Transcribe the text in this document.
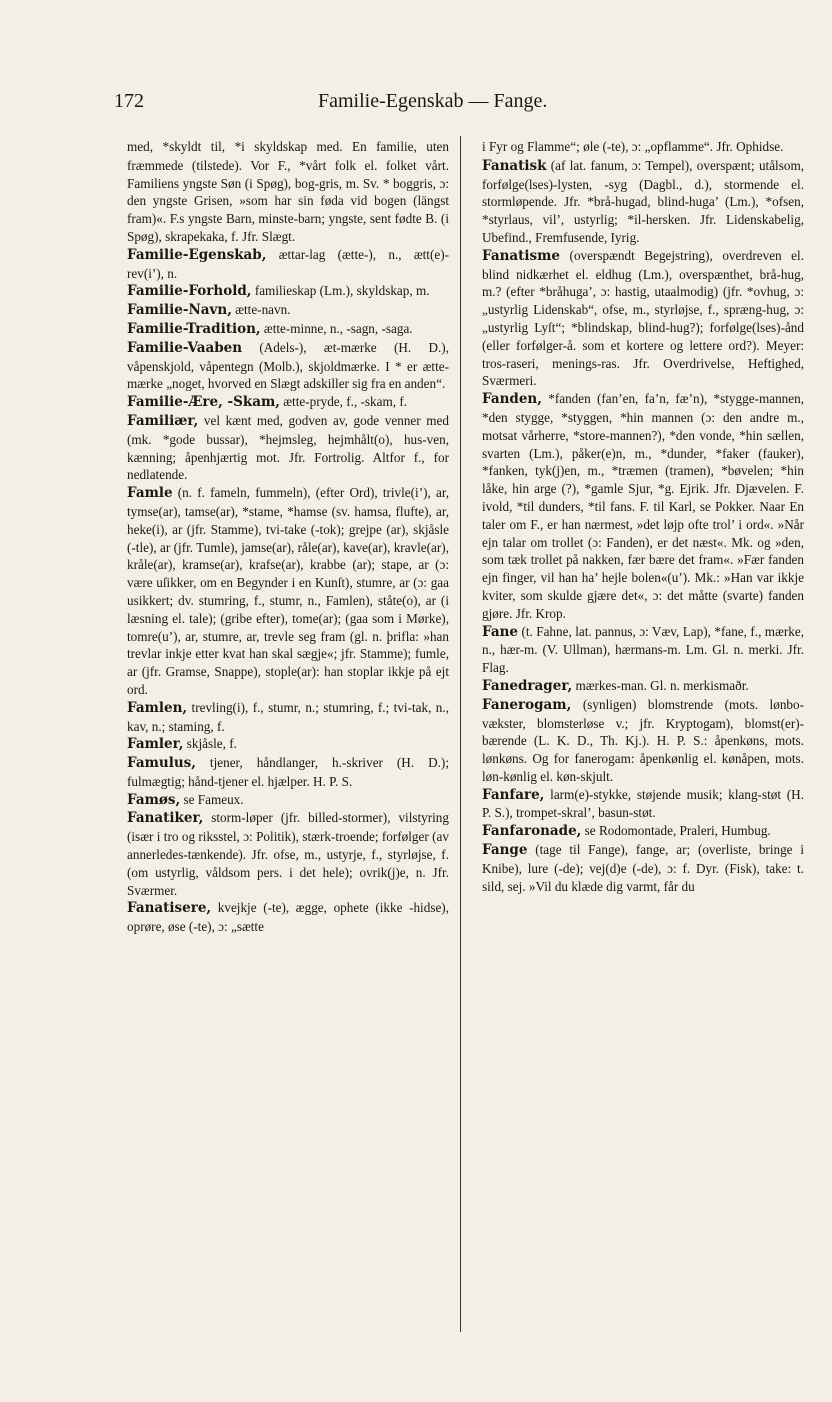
172	Familie-Egenskab — Fange.

med, *skyldt til, *i skyldskap med. En familie, uten fræmmede (tilstede). Vor F., *vårt folk el. folket vårt. Familiens yngste Søn (i Spøg), bog-gris, m. Sv. * boggris, ɔ: den yngste Grisen, »som har sin føda vid bogen (längst fram)«. F.s yngste Barn, minste-barn; yngste, sent fødte B. (i Spøg), skrapekaka, f. Jfr. Slægt.

Familie-Egenskab, ættar-lag (ætte-), n., ætt(e)-rev(i’), n.

Familie-Forhold, familieskap (Lm.), skyldskap, m.

Familie-Navn, ætte-navn.

Familie-Tradition, ætte-minne, n., -sagn, -saga.

Familie-Vaaben (Adels-), æt-mærke (H. D.), våpenskjold, våpentegn (Molb.), skjoldmærke. I * er ætte-mærke „noget, hvorved en Slægt adskiller sig fra en anden“.

Familie-Ære, -Skam, ætte-pryde, f., -skam, f.

Familiær, vel kænt med, godven av, gode venner med (mk. *gode bussar), *hejmsleg, hejmhålt(o), hus-ven, kænning; åpenhjærtig mot. Jfr. Fortrolig. Altfor f., for nedlatende.

Famle (n. f. fameln, fummeln), (efter Ord), trivle(i’), ar, tymse(ar), tamse(ar), *stame, *hamse (sv. hamsa, flufte), ar, heke(i), ar (jfr. Stamme), tvi-take (-tok); grejpe (ar), skjåsle (-tle), ar (jfr. Tumle), jamse(ar), råle(ar), kave(ar), kravle(ar), kråle(ar), kramse(ar), krafse(ar), krabbe (ar); stape, ar (ɔ: være uſikker, om en Begynder i en Kunſt), stumre, ar (ɔ: gaa usikkert; dv. stumring, f., stumr, n., Famlen), ståte(o), ar (i læsning el. tale); (gribe efter), tome(ar); (gaa som i Mørke), tomre(u’), ar, stumre, ar, trevle seg fram (gl. n. þrifla: »han trevlar inkje etter kvat han skal sægje«; jfr. Stamme); fumle, ar (jfr. Gramse, Snappe), stople(ar): han stoplar ikkje på ejt ord.

Famlen, trevling(i), f., stumr, n.; stumring, f.; tvi-tak, n., kav, n.; staming, f.

Famler, skjåsle, f.

Famulus, tjener, håndlanger, h.-skriver (H. D.); fulmægtig; hånd-tjener el. hjælper. H. P. S.

Famøs, se Fameux.

Fanatiker, storm-løper (jfr. billed-stormer), vilstyring (især i tro og riksstel, ɔ: Politik), stærk-troende; forfølger (av annerledes-tænkende). Jfr. ofse, m., ustyrje, f., styrløjse, f. (om ustyrlig, våldsom pers. i det hele); ovrik(j)e, n. Jfr. Sværmer.

Fanatisere, kvejkje (-te), ægge, ophete (ikke -hidse), oprøre, øse (-te), ɔ: „sætte

i Fyr og Flamme“; øle (-te), ɔ: „opflamme“. Jfr. Ophidse.

Fanatisk (af lat. fanum, ɔ: Tempel), overspænt; utålsom, forfølge(lses)-lysten, -syg (Dagbl., d.), stormende el. stormløpende. Jfr. *brå-hugad, blind-huga’ (Lm.), *ofsen, *styrlaus, vil’, ustyrlig; *il-hersken. Jfr. Lidenskabelig, Ubefind., Fremfusende, Iyrig.

Fanatisme (overspændt Begejstring), overdreven el. blind nidkærhet el. eldhug (Lm.), overspænthet, brå-hug, m.? (efter *bråhuga’, ɔ: hastig, utaalmodig) (jfr. *ovhug, ɔ: „ustyrlig Lidenskab“, ofse, m., styrløjse, f., spræng-hug, ɔ: „ustyrlig Lyſt“; *blindskap, blind-hug?); forfølge(lses)-ånd (eller forfølger-å. som et kortere og lettere ord?). Meyer: tros-raseri, menings-ras. Jfr. Overdrivelse, Heftighed, Sværmeri.

Fanden, *fanden (fan’en, fa’n, fæ’n), *stygge-mannen, *den stygge, *styggen, *hin mannen (ɔ: den andre m., motsat vårherre, *store-mannen?), *den vonde, *hin sællen, svarten (Lm.), påker(e)n, m., *dunder, *faker (fauker), *fanken, tyk(j)en, m., *træmen (tramen), *bøvelen; *hin låke, hin arge (?), *gamle Sjur, *g. Ejrik. Jfr. Djævelen. F. ivold, *til dunders, *til fans. F. til Karl, se Pokker. Naar En taler om F., er han nærmest, »det løjp ofte trol’ i ord«. »Når ejn talar om trollet (ɔ: Fanden), er det næst«. Mk. og »den, som tæk trollet på nakken, fær bære det fram«. »Fær fanden ejn finger, vil han ha’ hejle bolen«(u’). Mk.: »Han var ikkje kviter, som skulde gjære det«, ɔ: det måtte (svarte) fanden gjøre. Jfr. Krop.

Fane (t. Fahne, lat. pannus, ɔ: Væv, Lap), *fane, f., mærke, n., hær-m. (V. Ullman), hærmans-m. Lm. Gl. n. merki. Jfr. Flag.

Fanedrager, mærkes-man. Gl. n. merkismaðr.

Fanerogam, (synligen) blomstrende (mots. lønbo-vækster, blomsterløse v.; jfr. Kryptogam), blomst(er)-bærende (L. K. D., Th. Kj.). H. P. S.: åpenkøns, mots. lønkøns. Og for fanerogam: åpenkønlig el. kønåpen, mots. løn-kønlig el. køn-skjult.

Fanfare, larm(e)-stykke, støjende musik; klang-støt (H. P. S.), trompet-skral’, basun-støt.

Fanfaronade, se Rodomontade, Praleri, Humbug.

Fange (tage til Fange), fange, ar; (overliste, bringe i Knibe), lure (-de); vej(d)e (-de), ɔ: f. Dyr. (Fisk), take: t. sild, sej. »Vil du klæde dig varmt, får du
